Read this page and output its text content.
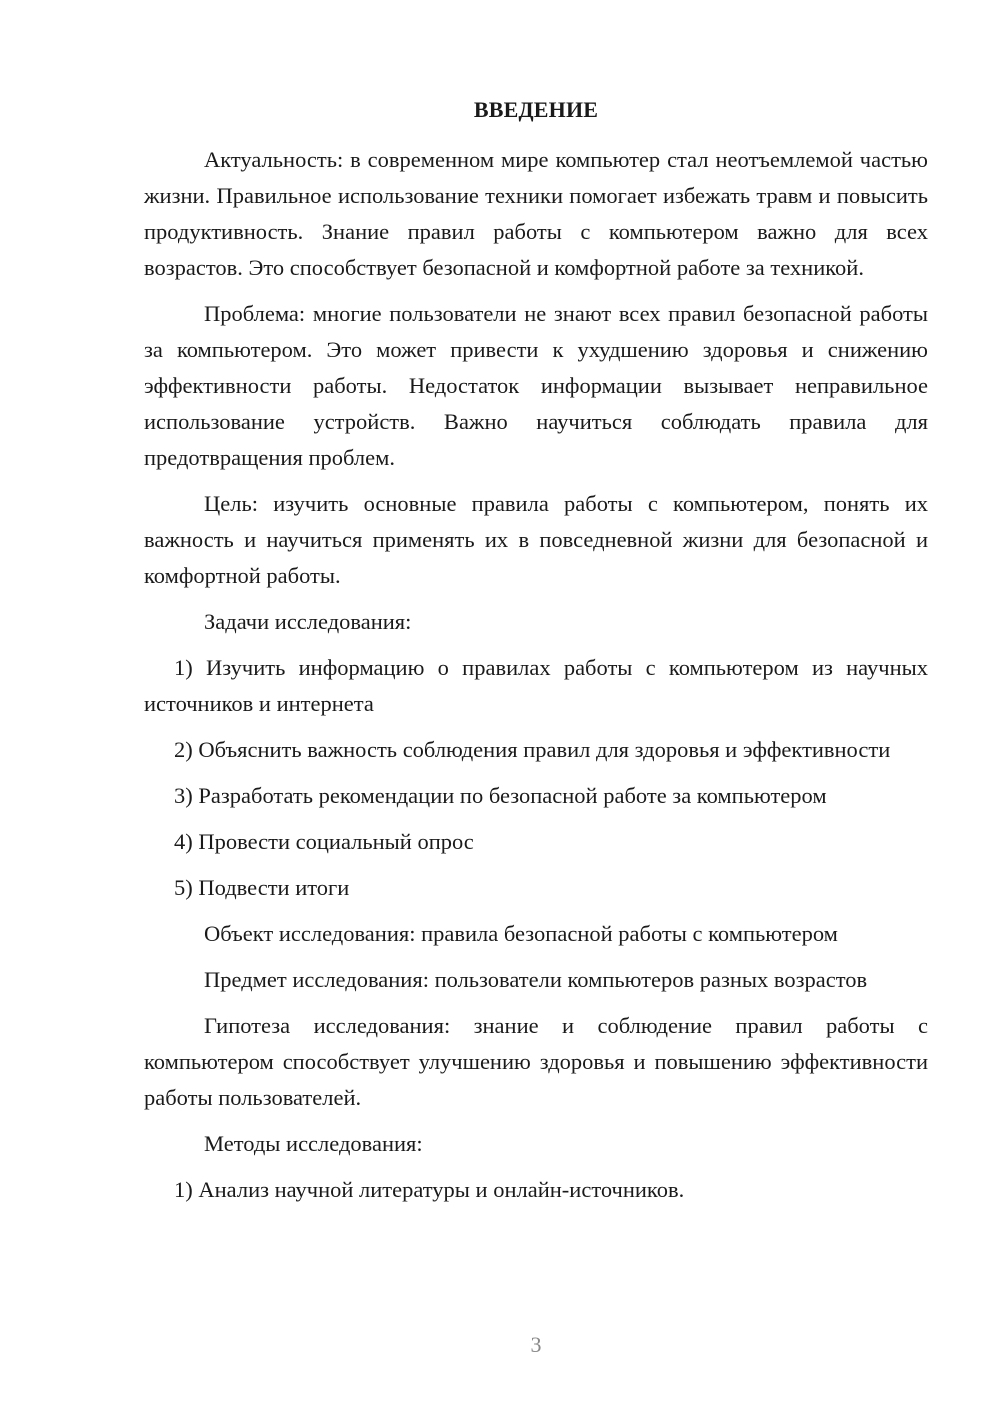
ВВЕДЕНИЕ

Актуальность: в современном мире компьютер стал неотъемлемой частью жизни. Правильное использование техники помогает избежать травм и повысить продуктивность. Знание правил работы с компьютером важно для всех возрастов. Это способствует безопасной и комфортной работе за техникой.

Проблема: многие пользователи не знают всех правил безопасной работы за компьютером. Это может привести к ухудшению здоровья и снижению эффективности работы. Недостаток информации вызывает неправильное использование устройств. Важно научиться соблюдать правила для предотвращения проблем.

Цель: изучить основные правила работы с компьютером, понять их важность и научиться применять их в повседневной жизни для безопасной и комфортной работы.

Задачи исследования:

1) Изучить информацию о правилах работы с компьютером из научных источников и интернета

2) Объяснить важность соблюдения правил для здоровья и эффективности

3) Разработать рекомендации по безопасной работе за компьютером

4) Провести социальный опрос

5) Подвести итоги

Объект исследования: правила безопасной работы с компьютером

Предмет исследования: пользователи компьютеров разных возрастов

Гипотеза исследования: знание и соблюдение правил работы с компьютером способствует улучшению здоровья и повышению эффективности работы пользователей.

Методы исследования:

1) Анализ научной литературы и онлайн-источников.

3
